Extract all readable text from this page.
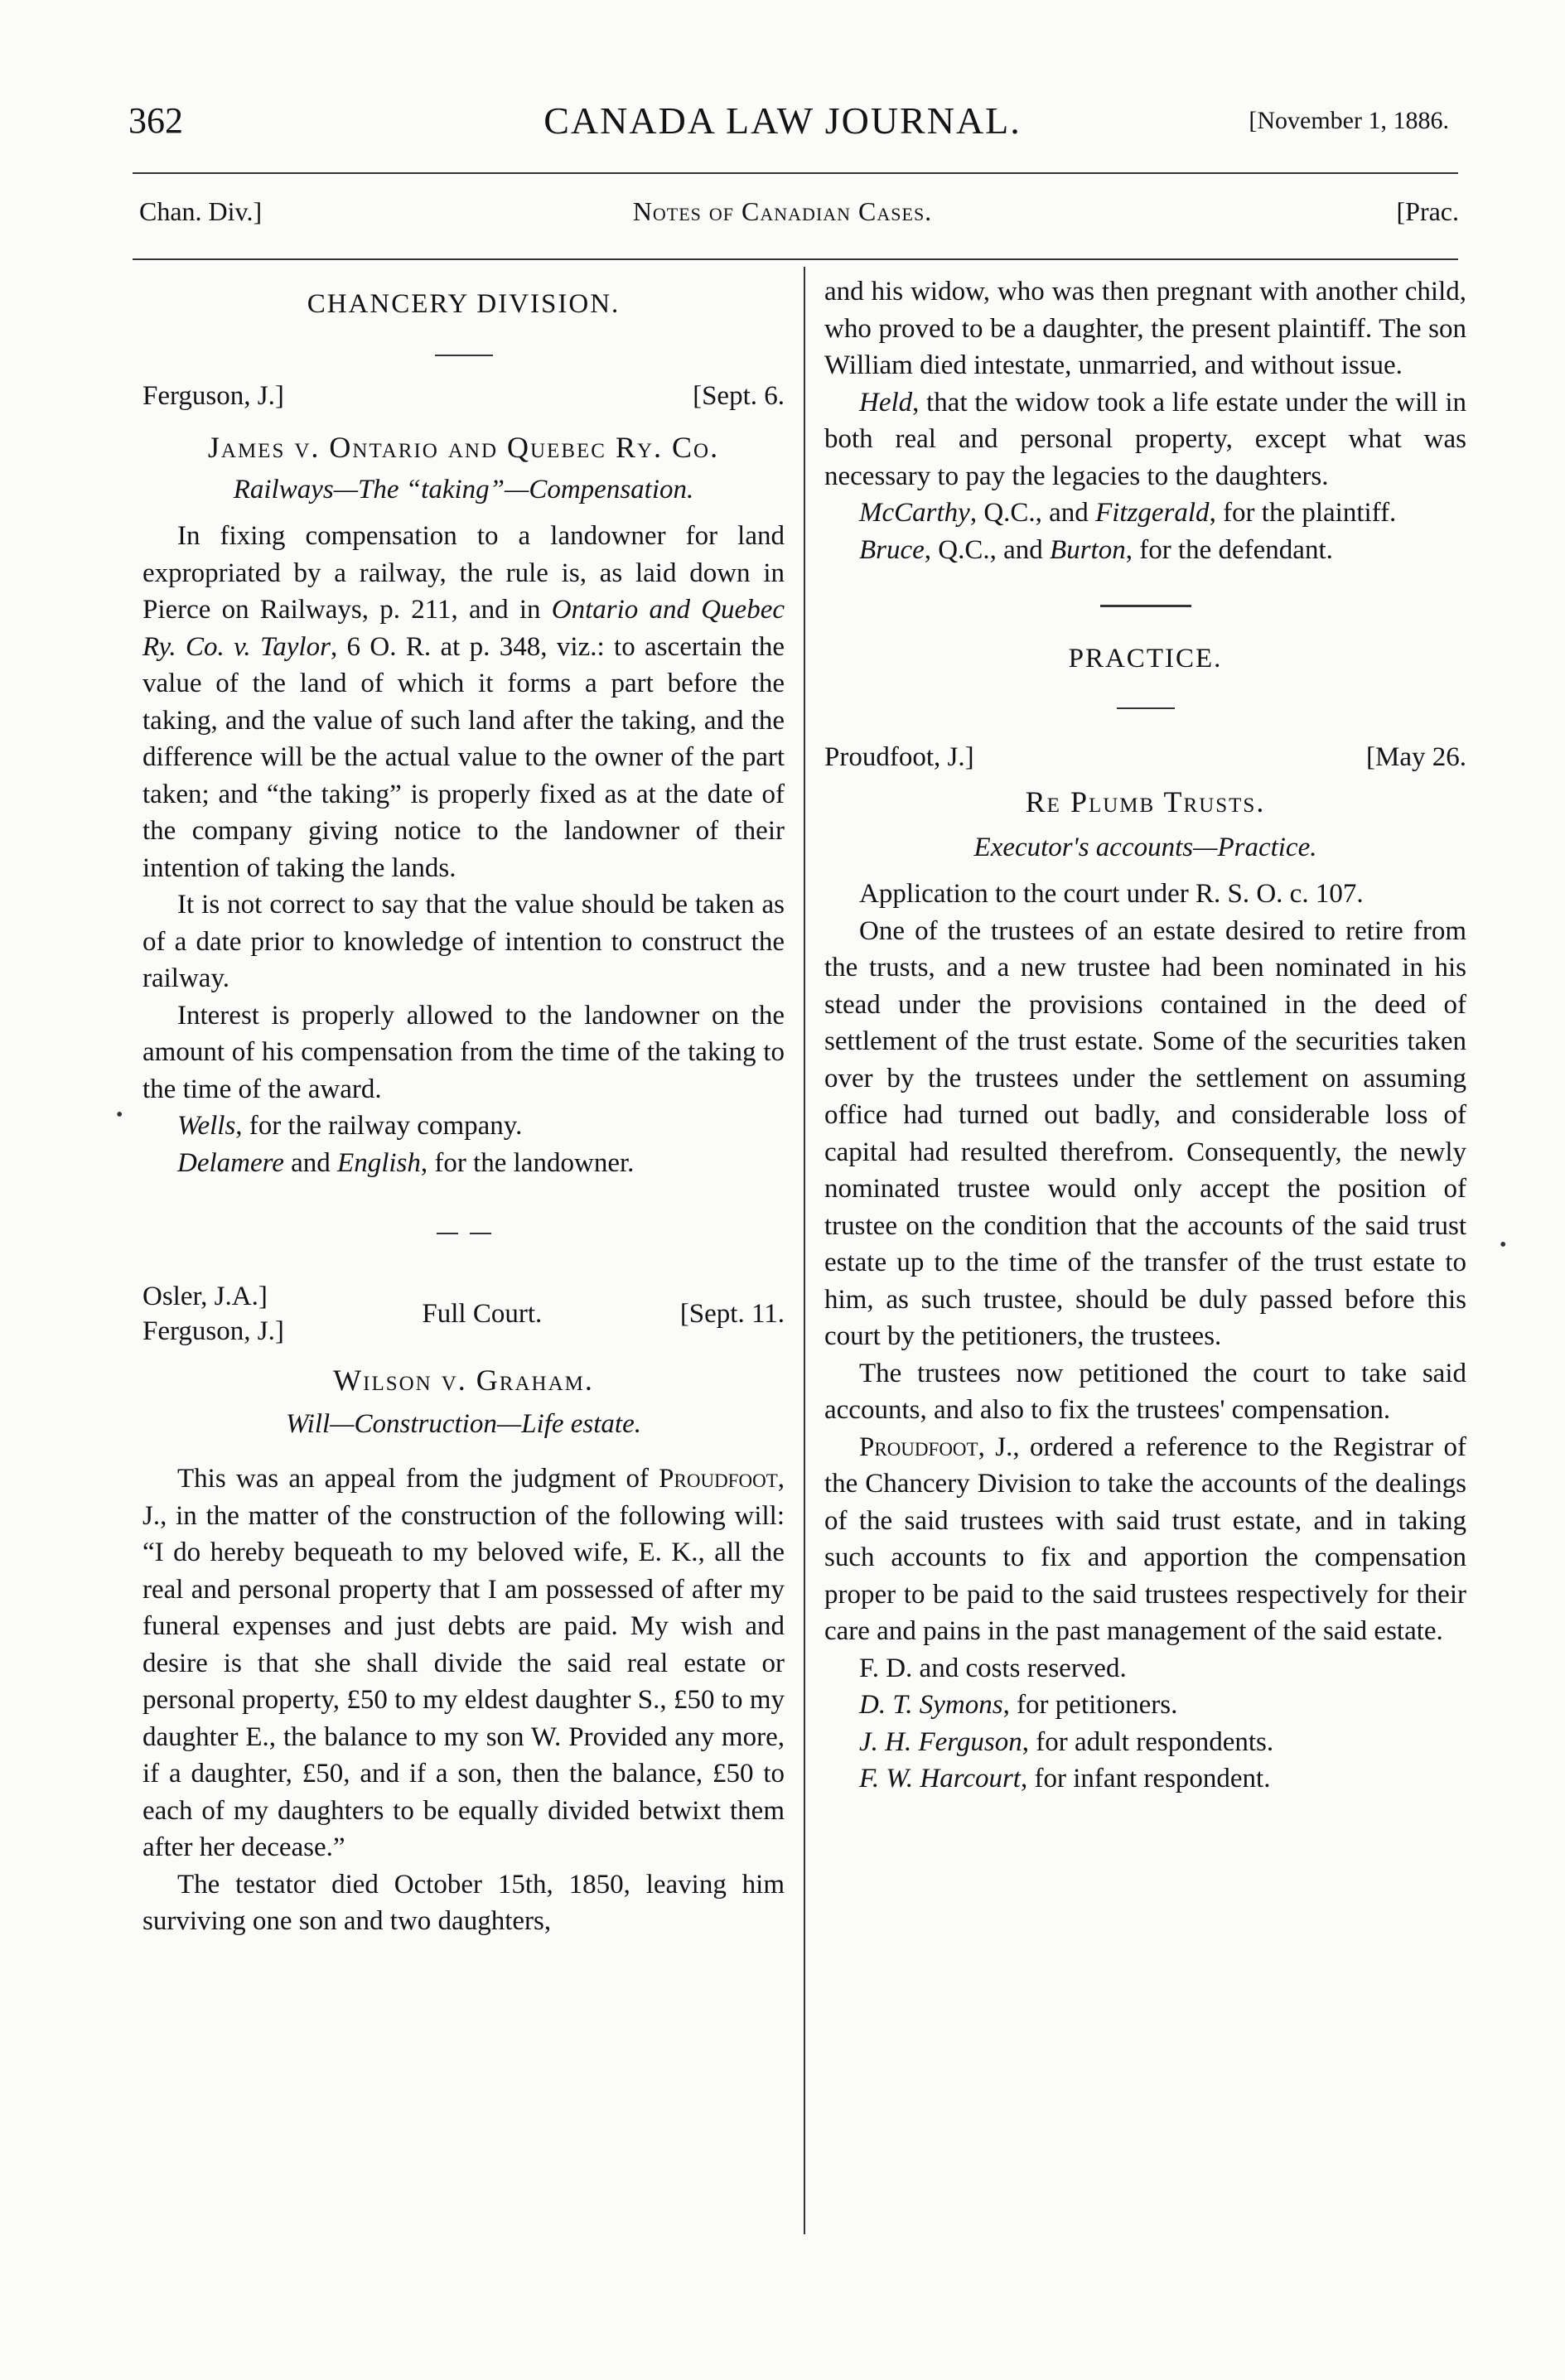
362	CANADA LAW JOURNAL.	[November 1, 1886.
Chan. Div.]	Notes of Canadian Cases.	[Prac.
CHANCERY DIVISION.
Ferguson, J.]	[Sept. 6.
James v. Ontario and Quebec Ry. Co.
Railways—The “taking”—Compensation.

In fixing compensation to a landowner for land expropriated by a railway, the rule is, as laid down in Pierce on Railways, p. 211, and in Ontario and Quebec Ry. Co. v. Taylor, 6 O. R. at p. 348, viz.: to ascertain the value of the land of which it forms a part before the taking, and the value of such land after the taking, and the difference will be the actual value to the owner of the part taken; and “the taking” is properly fixed as at the date of the company giving notice to the landowner of their intention of taking the lands.

It is not correct to say that the value should be taken as of a date prior to knowledge of intention to construct the railway.

Interest is properly allowed to the landowner on the amount of his compensation from the time of the taking to the time of the award.

Wells, for the railway company.

Delamere and English, for the landowner.

Osler, J.A.]
Ferguson, J.]
Full Court.	[Sept. 11.
Wilson v. Graham.
Will—Construction—Life estate.

This was an appeal from the judgment of Proudfoot, J., in the matter of the construction of the following will: “I do hereby bequeath to my beloved wife, E. K., all the real and personal property that I am possessed of after my funeral expenses and just debts are paid. My wish and desire is that she shall divide the said real estate or personal property, £50 to my eldest daughter S., £50 to my daughter E., the balance to my son W. Provided any more, if a daughter, £50, and if a son, then the balance, £50 to each of my daughters to be equally divided betwixt them after her decease.”

The testator died October 15th, 1850, leaving him surviving one son and two daughters,

and his widow, who was then pregnant with another child, who proved to be a daughter, the present plaintiff. The son William died intestate, unmarried, and without issue.

Held, that the widow took a life estate under the will in both real and personal property, except what was necessary to pay the legacies to the daughters.

McCarthy, Q.C., and Fitzgerald, for the plaintiff.

Bruce, Q.C., and Burton, for the defendant.

PRACTICE.
Proudfoot, J.]	[May 26.
Re Plumb Trusts.
Executor's accounts—Practice.

Application to the court under R. S. O. c. 107.

One of the trustees of an estate desired to retire from the trusts, and a new trustee had been nominated in his stead under the provisions contained in the deed of settlement of the trust estate. Some of the securities taken over by the trustees under the settlement on assuming office had turned out badly, and considerable loss of capital had resulted therefrom. Consequently, the newly nominated trustee would only accept the position of trustee on the condition that the accounts of the said trust estate up to the time of the transfer of the trust estate to him, as such trustee, should be duly passed before this court by the petitioners, the trustees.

The trustees now petitioned the court to take said accounts, and also to fix the trustees' compensation.

Proudfoot, J., ordered a reference to the Registrar of the Chancery Division to take the accounts of the dealings of the said trustees with said trust estate, and in taking such accounts to fix and apportion the compensation proper to be paid to the said trustees respectively for their care and pains in the past management of the said estate.

F. D. and costs reserved.

D. T. Symons, for petitioners.

J. H. Ferguson, for adult respondents.

F. W. Harcourt, for infant respondent.

•
•
